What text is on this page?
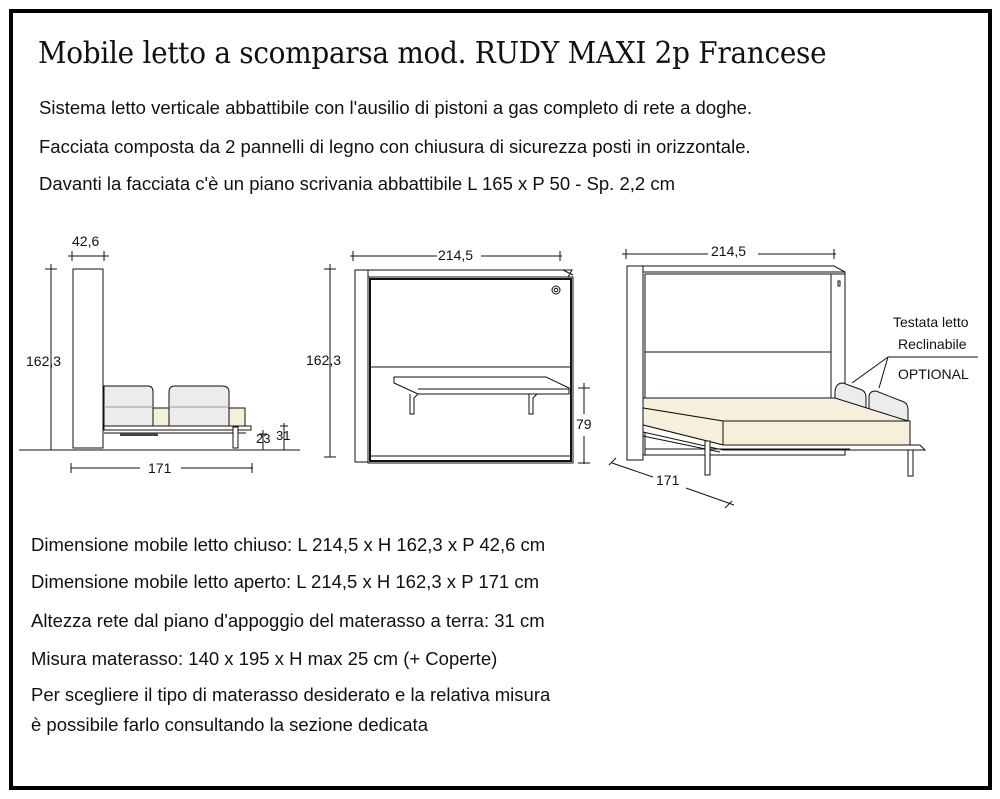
Mobile letto a scomparsa mod. RUDY MAXI 2p Francese
Sistema letto verticale abbattibile con l'ausilio di pistoni a gas completo di rete a doghe.
Facciata composta da 2 pannelli di legno con chiusura di sicurezza posti in orizzontale.
Davanti la facciata c'è un piano scrivania abbattibile L 165 x P 50 - Sp. 2,2 cm
42,6
162,3
171
23 31
214,5
162,3
79
214,5
171
Testata letto
Reclinabile
OPTIONAL
Dimensione mobile letto chiuso: L 214,5 x H 162,3 x P 42,6 cm
Dimensione mobile letto aperto: L 214,5 x H 162,3 x P 171 cm
Altezza rete dal piano d'appoggio del materasso a terra: 31 cm
Misura materasso: 140 x 195 x H max 25 cm (+ Coperte)
Per scegliere il tipo di materasso desiderato e la relativa misura
è possibile farlo consultando la sezione dedicata
